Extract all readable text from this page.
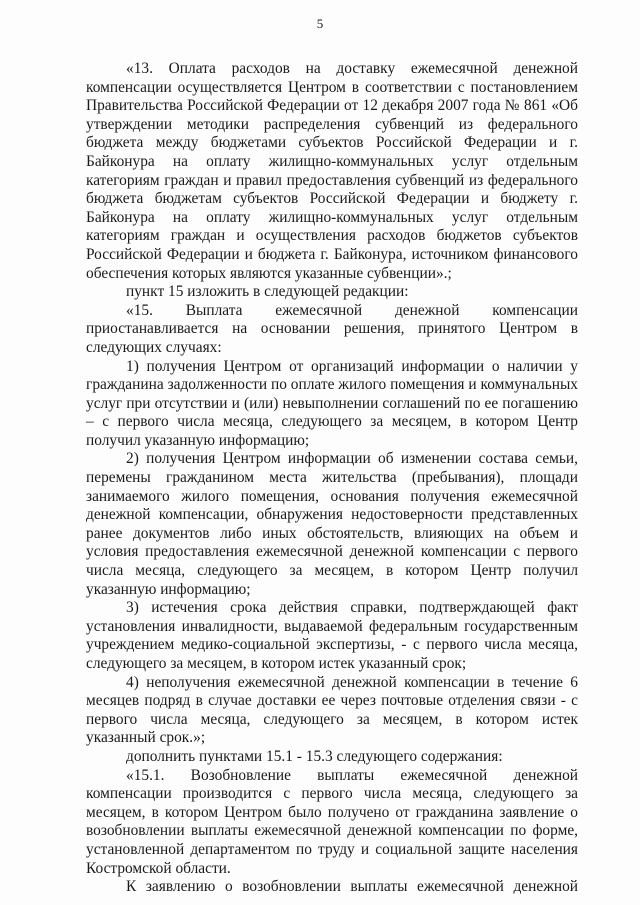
5

«13. Оплата расходов на доставку ежемесячной денежной компенсации осуществляется Центром в соответствии с постановлением Правительства Российской Федерации от 12 декабря 2007 года № 861 «Об утверждении методики распределения субвенций из федерального бюджета между бюджетами субъектов Российской Федерации и г. Байконура на оплату жилищно-коммунальных услуг отдельным категориям граждан и правил предоставления субвенций из федерального бюджета бюджетам субъектов Российской Федерации и бюджету г. Байконура на оплату жилищно-коммунальных услуг отдельным категориям граждан и осуществления расходов бюджетов субъектов Российской Федерации и бюджета г. Байконура, источником финансового обеспечения которых являются указанные субвенции».;

пункт 15 изложить в следующей редакции:

«15. Выплата ежемесячной денежной компенсации приостанавливается на основании решения, принятого Центром в следующих случаях:

1) получения Центром от организаций информации о наличии у гражданина задолженности по оплате жилого помещения и коммунальных услуг при отсутствии и (или) невыполнении соглашений по ее погашению – с первого числа месяца, следующего за месяцем, в котором Центр получил указанную информацию;

2) получения Центром информации об изменении состава семьи, перемены гражданином места жительства (пребывания), площади занимаемого жилого помещения, основания получения ежемесячной денежной компенсации, обнаружения недостоверности представленных ранее документов либо иных обстоятельств, влияющих на объем и условия предоставления ежемесячной денежной компенсации с первого числа месяца, следующего за месяцем, в котором Центр получил указанную информацию;

3) истечения срока действия справки, подтверждающей факт установления инвалидности, выдаваемой федеральным государственным учреждением медико-социальной экспертизы, - с первого числа месяца, следующего за месяцем, в котором истек указанный срок;

4) неполучения ежемесячной денежной компенсации в течение 6 месяцев подряд в случае доставки ее через почтовые отделения связи - с первого числа месяца, следующего за месяцем, в котором истек указанный срок.»;

дополнить пунктами 15.1 - 15.3 следующего содержания:

«15.1. Возобновление выплаты ежемесячной денежной компенсации производится с первого числа месяца, следующего за месяцем, в котором Центром было получено от гражданина заявление о возобновлении выплаты ежемесячной денежной компенсации по форме, установленной департаментом по труду и социальной защите населения Костромской области.

К заявлению о возобновлении выплаты ежемесячной денежной
